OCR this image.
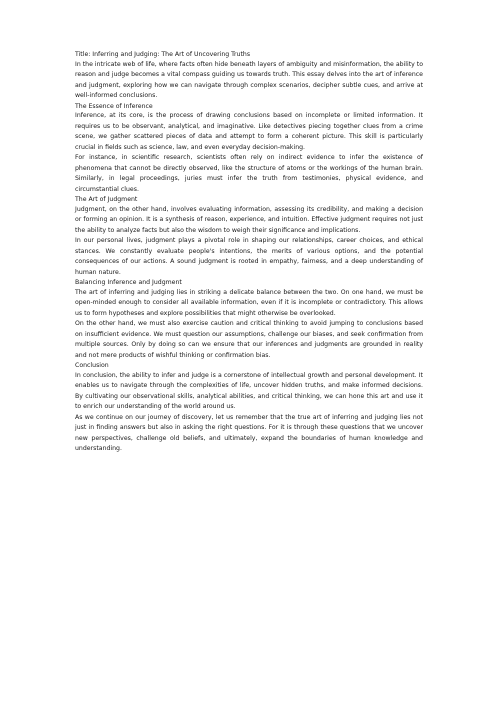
Title: Inferring and Judging: The Art of Uncovering Truths

In the intricate web of life, where facts often hide beneath layers of ambiguity and misinformation, the ability to reason and judge becomes a vital compass guiding us towards truth. This essay delves into the art of inference and judgment, exploring how we can navigate through complex scenarios, decipher subtle cues, and arrive at well-informed conclusions.

The Essence of Inference

Inference, at its core, is the process of drawing conclusions based on incomplete or limited information. It requires us to be observant, analytical, and imaginative. Like detectives piecing together clues from a crime scene, we gather scattered pieces of data and attempt to form a coherent picture. This skill is particularly crucial in fields such as science, law, and even everyday decision-making.

For instance, in scientific research, scientists often rely on indirect evidence to infer the existence of phenomena that cannot be directly observed, like the structure of atoms or the workings of the human brain. Similarly, in legal proceedings, juries must infer the truth from testimonies, physical evidence, and circumstantial clues.

The Art of Judgment

Judgment, on the other hand, involves evaluating information, assessing its credibility, and making a decision or forming an opinion. It is a synthesis of reason, experience, and intuition. Effective judgment requires not just the ability to analyze facts but also the wisdom to weigh their significance and implications.

In our personal lives, judgment plays a pivotal role in shaping our relationships, career choices, and ethical stances. We constantly evaluate people's intentions, the merits of various options, and the potential consequences of our actions. A sound judgment is rooted in empathy, fairness, and a deep understanding of human nature.

Balancing Inference and Judgment

The art of inferring and judging lies in striking a delicate balance between the two. On one hand, we must be open-minded enough to consider all available information, even if it is incomplete or contradictory. This allows us to form hypotheses and explore possibilities that might otherwise be overlooked.

On the other hand, we must also exercise caution and critical thinking to avoid jumping to conclusions based on insufficient evidence. We must question our assumptions, challenge our biases, and seek confirmation from multiple sources. Only by doing so can we ensure that our inferences and judgments are grounded in reality and not mere products of wishful thinking or confirmation bias.

Conclusion

In conclusion, the ability to infer and judge is a cornerstone of intellectual growth and personal development. It enables us to navigate through the complexities of life, uncover hidden truths, and make informed decisions. By cultivating our observational skills, analytical abilities, and critical thinking, we can hone this art and use it to enrich our understanding of the world around us.

As we continue on our journey of discovery, let us remember that the true art of inferring and judging lies not just in finding answers but also in asking the right questions. For it is through these questions that we uncover new perspectives, challenge old beliefs, and ultimately, expand the boundaries of human knowledge and understanding.
